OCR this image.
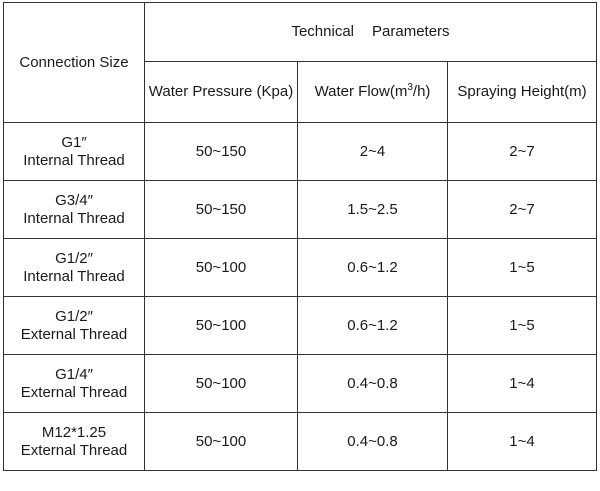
Connection Size	Technical Parameters		
	Water Pressure (Kpa)	Water $Flow(m^3/h)$	Spraying Height(m)

G1″
Internal Thread	50~150	2~4	2~7

G3/4″
Internal Thread	50~150	1.5~2.5	2~7

G1/2″
Internal Thread	50~100	0.6~1.2	1~5

G1/2″
External Thread	50~100	0.6~1.2	1~5

G1/4″
External Thread	50~100	0.4~0.8	1~4

M12*1.25
External Thread	50~100	0.4~0.8	1~4
